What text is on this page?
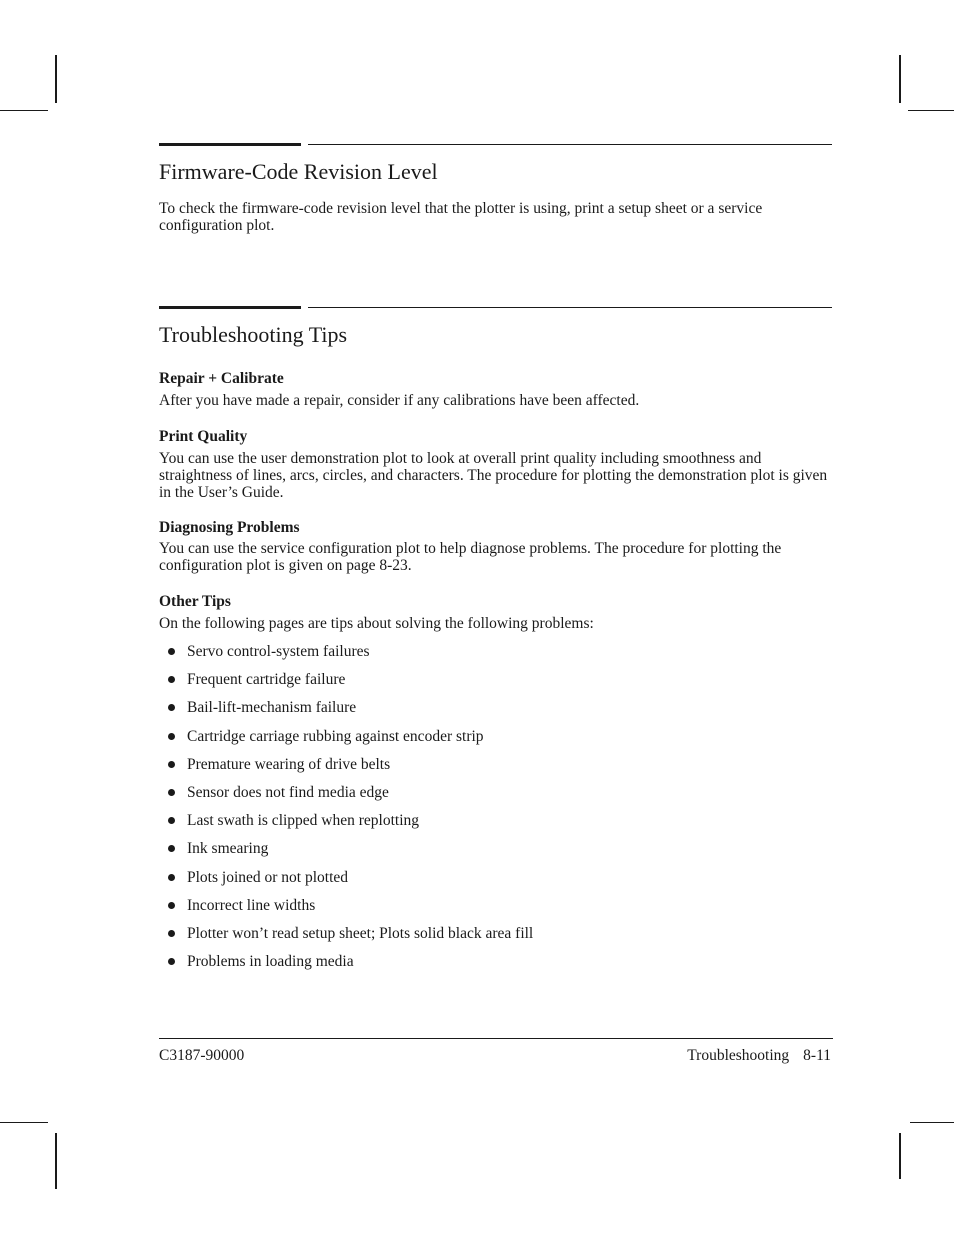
Firmware-Code Revision Level

To check the firmware-code revision level that the plotter is using, print a setup sheet or a service configuration plot.

Troubleshooting Tips
Repair + Calibrate

After you have made a repair, consider if any calibrations have been affected.

Print Quality

You can use the user demonstration plot to look at overall print quality including smoothness and straightness of lines, arcs, circles, and characters. The procedure for plotting the demonstration plot is given in the User’s Guide.

Diagnosing Problems

You can use the service configuration plot to help diagnose problems. The procedure for plotting the configuration plot is given on page 8-23.

Other Tips

On the following pages are tips about solving the following problems:

Servo control-system failures
Frequent cartridge failure
Bail-lift-mechanism failure
Cartridge carriage rubbing against encoder strip
Premature wearing of drive belts
Sensor does not find media edge
Last swath is clipped when replotting
Ink smearing
Plots joined or not plotted
Incorrect line widths
Plotter won’t read setup sheet; Plots solid black area fill
Problems in loading media

C3187-90000	Troubleshooting 8-11
